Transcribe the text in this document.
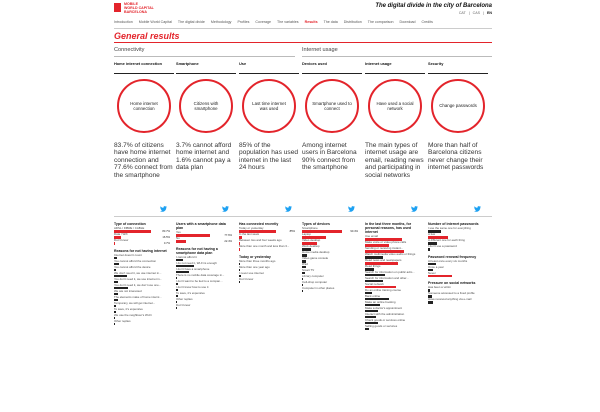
MOBILE
WORLD CAPITAL
BARCELONA
The digital divide in the city of Barcelona
CAT | CAS | EN
Introduction Mobile World Capital The digital divide Methodology Profiles Coverage The variables Results The data Distribution The comparison Download Credits
General results
Connectivity	Internet usage
Home internet connection
Home internet connection
83.7% of citizens have home internet connection and 77.6% connect from the smartphone
Smartphone
Citizens with smartphone
3.7% cannot afford home internet and 1.6% cannot pay a data plan
Use
Last time internet was used
85% of the population has used internet in the last 24 hours
Devices used
Smartphone used to connect
Among internet users in Barcelona 90% connect from the smartphone
Internet usage
Have used a social network
The main types of internet usage are email, reading news and participating in social networks
Security
Change passwords
More than half of Barcelona citizens never change their internet passwords
Type of connection
ADSL / FIBRE / CABLE
83.7%
Data / Wifi
16.5%
Don't know
0.7%
Reasons for not having internet
Internet doesn't count
You cannot afford the connection
You cannot afford the device
We don't need it, we use internet in...
You don't need it, we use internet in...
You don't need it, we don't use one...
We are not interested
The elements make of home interni...
Temporary, we will get internet...
To save, it's expensive
We use the neighbour's Wi-Fi
Other replies
Users with a smartphone data plan
Yes
77.6%
No
22.4%
Reasons for not having a smartphone data plan
I cannot afford it
I do not need it, Wi-Fi is enough
I don't have a smartphone
There is no mobile data coverage in...
I don't want to be tied to a compan...
I don't know how to use it
To save, it's expensive
Other replies
Don't know
Has connected recently
Today or yesterday
85%
In the last week
Between two and four weeks ago
More than one month and less than 3...
Today or yesterday
More than three months ago
More than one year ago
I never use internet
Don't know
Types of devices
Smartphone
90.4%
Laptop
Video desktop
Work desktop
Home media desktop
Video game console
iPad
Smart TV
Library computer
Cell-shop computer
Computer in other places
In the last three months, for personal reasons, has used internet
Use email
Make voice or video phone calls
Sending or receiving instant...
Watch multimedia video audio or things
Read news and newspapers
Read things
Search for information on public adm...
Search for information and other...
Social network
Do an online training course
Bank online
Make an online booking
Make a doctor's appointment
Interact with the administration
Check goods or services online
Selling goods or services
Number of internet passwords
I use the same one for everything
A few
A different one for each thing
I don't use a password
Password renewal frequency
At least once every six months
Once a year
Never
Pressure on social networks
Has been a victim
Someone accessed to a fixed profile
Have received anything via e-mail
